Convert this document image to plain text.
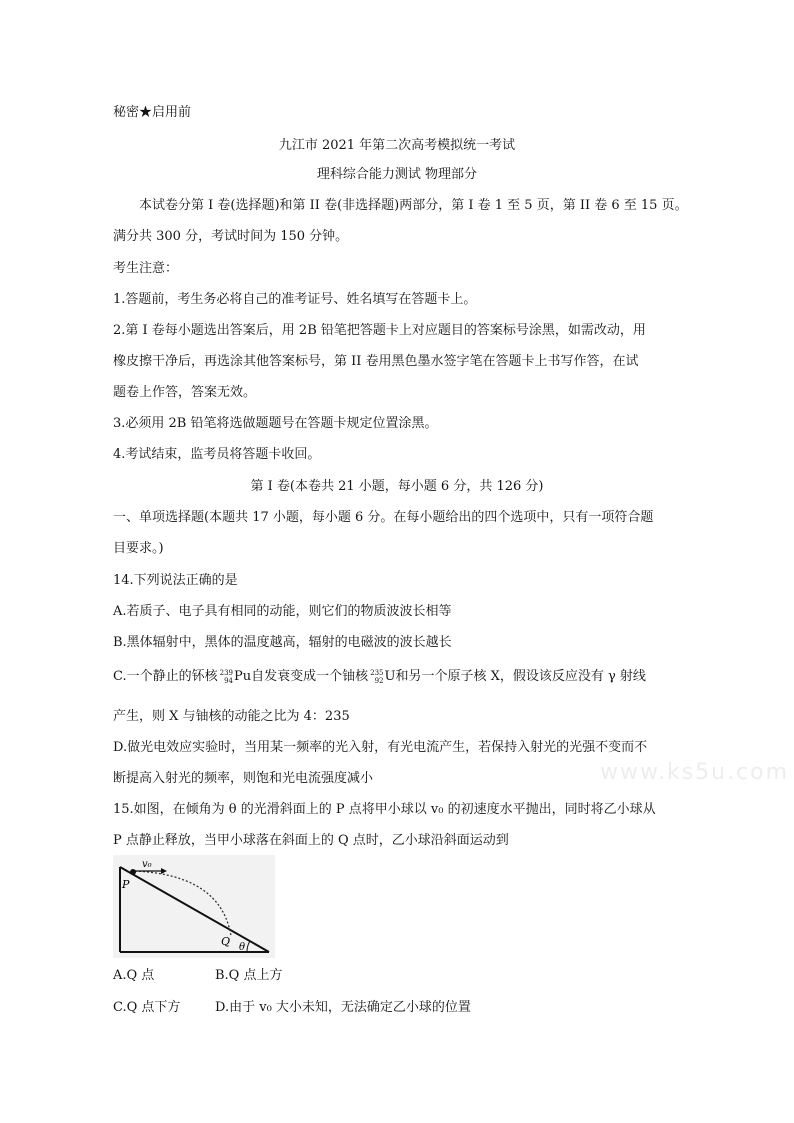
秘密★启用前
九江市 2021 年第二次高考模拟统一考试
理科综合能力测试 物理部分
本试卷分第 I 卷(选择题)和第 II 卷(非选择题)两部分，第 I 卷 1 至 5 页，第 II 卷 6 至 15 页。
满分共 300 分，考试时间为 150 分钟。
考生注意：
1.答题前，考生务必将自己的准考证号、姓名填写在答题卡上。
2.第 I 卷每小题选出答案后，用 2B 铅笔把答题卡上对应题目的答案标号涂黑，如需改动，用
橡皮擦干净后，再选涂其他答案标号，第 II 卷用黑色墨水签字笔在答题卡上书写作答，在试
题卷上作答，答案无效。
3.必须用 2B 铅笔将选做题题号在答题卡规定位置涂黑。
4.考试结束，监考员将答题卡收回。
第 I 卷(本卷共 21 小题，每小题 6 分，共 126 分)
一、单项选择题(本题共 17 小题，每小题 6 分。在每小题给出的四个选项中，只有一项符合题
目要求。)
14.下列说法正确的是
A.若质子、电子具有相同的动能，则它们的物质波波长相等
B.黑体辐射中，黑体的温度越高，辐射的电磁波的波长越长
C.一个静止的钚核 239
94 Pu自发衰变成一个铀核 235
92 U和另一个原子核 X，假设该反应没有 γ 射线
产生，则 X 与铀核的动能之比为 4：235
D.做光电效应实验时，当用某一频率的光入射，有光电流产生，若保持入射光的光强不变而不
断提高入射光的频率，则饱和光电流强度减小	www.ks5u.com
15.如图，在倾角为 θ 的光滑斜面上的 P 点将甲小球以 v₀ 的初速度水平抛出，同时将乙小球从
P 点静止释放，当甲小球落在斜面上的 Q 点时，乙小球沿斜面运动到
v₀
P
Q θ
A.Q 点	B.Q 点上方
C.Q 点下方	D.由于 v₀ 大小未知，无法确定乙小球的位置
